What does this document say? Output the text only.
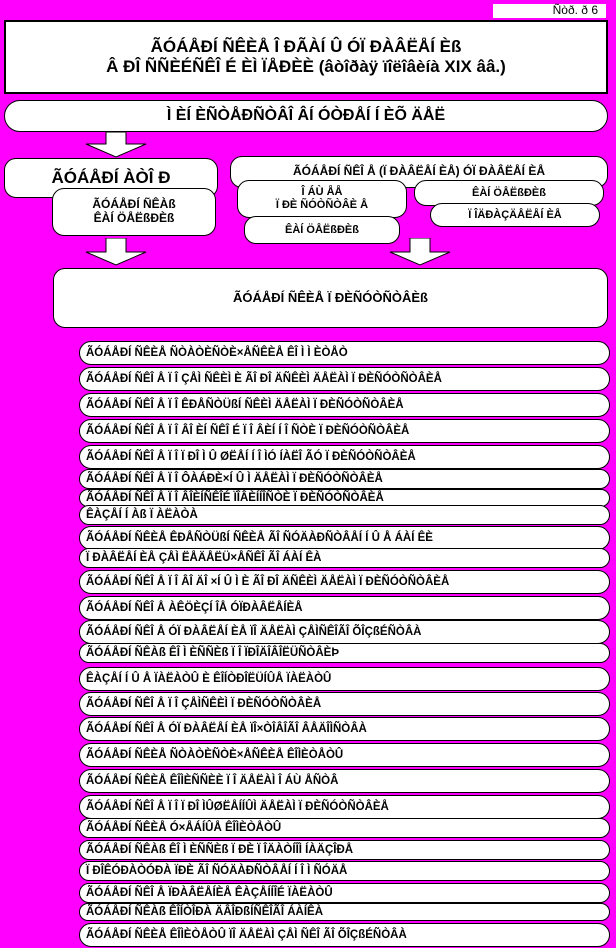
Ñòð. ð 6
ÃÓÁÅÐÍ ÑÊÈÅ Î ÐÃÀÍ Û ÓÏ ÐÀÂËÅÍ Èß
Â ÐÎ ÑÑÈÉÑÊÎ É ÈÌ ÏÅÐÈÈ (âòîðàÿ ïîëîâèíà XIX ââ.)
Ì ÈÍ ÈÑÒÅÐÑÒÂÎ ÂÍ ÓÒÐÅÍ Í ÈÕ ÄÅË
ÃÓÁÅÐÍ ÀÒÎ Ð
ÃÓÁÅÐÍ ÑÊÀß
ÊÀÍ ÖÅËßÐÈß
ÃÓÁÅÐÍ ÑÊÎ Å (Ï ÐÀÂËÅÍ ÈÅ) ÓÏ ÐÀÂËÅÍ ÈÅ
Î ÁÙ ÅÅ
Ï ÐÈ ÑÓÒÑÒÂÈ Å
ÊÀÍ ÖÅËßÐÈß
ÊÀÍ ÖÅËßÐÈß
Ï ÎÄÐÀÇÄÅËÅÍ ÈÅ
ÃÓÁÅÐÍ ÑÊÈÅ Ï ÐÈÑÓÒÑÒÂÈß
ÃÓÁÅÐÍ ÑÊÈÅ ÑÒÀÒÈÑÒÈ×ÅÑÊÈÅ ÊÎ Ì Ì ÈÒÅÒ
ÃÓÁÅÐÍ ÑÊÎ Å Ï Î ÇÅÌ ÑÊÈÌ È ÃÎ ÐÎ ÄÑÊÈÌ ÄÅËÀÌ Ï ÐÈÑÓÒÑÒÂÈÅ
ÃÓÁÅÐÍ ÑÊÎ Å Ï Î ÊÐÅÑÒÜßÍ ÑÊÈÌ ÄÅËÀÌ Ï ÐÈÑÓÒÑÒÂÈÅ
ÃÓÁÅÐÍ ÑÊÎ Å Ï Î ÂÎ ÈÍ ÑÊÎ É Ï Î ÂÈÍ Í Î ÑÒÈ Ï ÐÈÑÓÒÑÒÂÈÅ
ÃÓÁÅÐÍ ÑÊÎ Å Ï Î Ï ÐÎ Ì Û ØËÅÍ Í Î ÌÓ ÍÀËÎ ÃÓ Ï ÐÈÑÓÒÑÒÂÈÅ
ÃÓÁÅÐÍ ÑÊÎ Å Ï Î ÔÀÁÐÈ×Í Û Ì ÄÅËÀÌ Ï ÐÈÑÓÒÑÒÂÈÅ
ÃÓÁÅÐÍ ÑÊÎ Å Ï Î ÂÎÈÍÑÊÎÉ ÏÎÂÈÍÍÎÑÒÈ Ï ÐÈÑÓÒÑÒÂÈÅ
ÊÀÇÅÍ Í Àß Ï ÀËÀÒÀ
ÃÓÁÅÐÍ ÑÊÈÅ ÊÐÅÑÒÜßÍ ÑÊÈÅ ÃÎ ÑÓÄÀÐÑÒÂÅÍ Í Û Å ÁÀÍ ÊÈ
Ï ÐÀÂËÅÍ ÈÅ ÇÅÌ ËÅÄÅËÜ×ÅÑÊÎ ÃÎ ÁÀÍ ÊÀ
ÃÓÁÅÐÍ ÑÊÎ Å Ï Î ÂÎ ÄÎ ×Í Û Ì È ÃÎ ÐÎ ÄÑÊÈÌ ÄÅËÀÌ Ï ÐÈÑÓÒÑÒÂÈÅ
ÃÓÁÅÐÍ ÑÊÎ Å ÀÊÖÈÇÍ ÎÅ ÓÏÐÀÂËÅÍÈÅ
ÃÓÁÅÐÍ ÑÊÎ Å ÓÏ ÐÀÂËÅÍ ÈÅ ÏÎ ÄÅËÀÌ ÇÅÌÑÊÎÃÎ ÕÎÇßÉÑÒÂÀ
ÃÓÁÅÐÍ ÑÊÀß ÊÎ Ì ÈÑÑÈß Ï Î ÏÐÎÄÎÂÎËÜÑÒÂÈÞ
ÊÀÇÅÍ Í Û Å ÏÀËÀÒÛ È ÊÎÍÒÐÎËÜÍÛÅ ÏÀËÀÒÛ
ÃÓÁÅÐÍ ÑÊÎ Å Ï Î ÇÅÌÑÊÈÌ Ï ÐÈÑÓÒÑÒÂÈÅ
ÃÓÁÅÐÍ ÑÊÎ Å ÓÏ ÐÀÂËÅÍ ÈÅ ÏÎ×ÒÎÂÎÃÎ ÂÅÄÎÌÑÒÂÀ
ÃÓÁÅÐÍ ÑÊÈÅ ÑÒÀÒÈÑÒÈ×ÅÑÊÈÅ ÊÎÌÈÒÅÒÛ
ÃÓÁÅÐÍ ÑÊÈÅ ÊÎÌÈÑÑÈÈ Ï Î ÄÅËÀÌ Î ÁÙ ÅÑÒÂ
ÃÓÁÅÐÍ ÑÊÎ Å Ï Î Ï ÐÎ ÌÛØËÅÍÍÛÌ ÄÅËÀÌ Ï ÐÈÑÓÒÑÒÂÈÅ
ÃÓÁÅÐÍ ÑÊÈÅ Ó×ÅÁÍÛÅ ÊÎÌÈÒÅÒÛ
ÃÓÁÅÐÍ ÑÊÀß ÊÎ Ì ÈÑÑÈß Ï ÐÈ Ï ÎÄÀÒÍÎÌ ÍÀÄÇÎÐÅ
Ï ÐÎÊÓÐÀÒÓÐÀ ÏÐÈ ÃÎ ÑÓÄÀÐÑÒÂÅÍ Í Î Ì ÑÓÄÅ
ÃÓÁÅÐÍ ÑÊÎ Å ÏÐÀÂËÅÍÈÅ ÊÀÇÅÍÍÎÉ ÏÀËÀÒÛ
ÃÓÁÅÐÍ ÑÊÀß ÊÎÍÒÎÐÀ ÄÂÎÐßÍÑÊÎÃÎ ÁÀÍÊÀ
ÃÓÁÅÐÍ ÑÊÈÅ ÊÎÌÈÒÅÒÛ ÏÎ ÄÅËÀÌ ÇÅÌ ÑÊÎ ÃÎ ÕÎÇßÉÑÒÂÀ
